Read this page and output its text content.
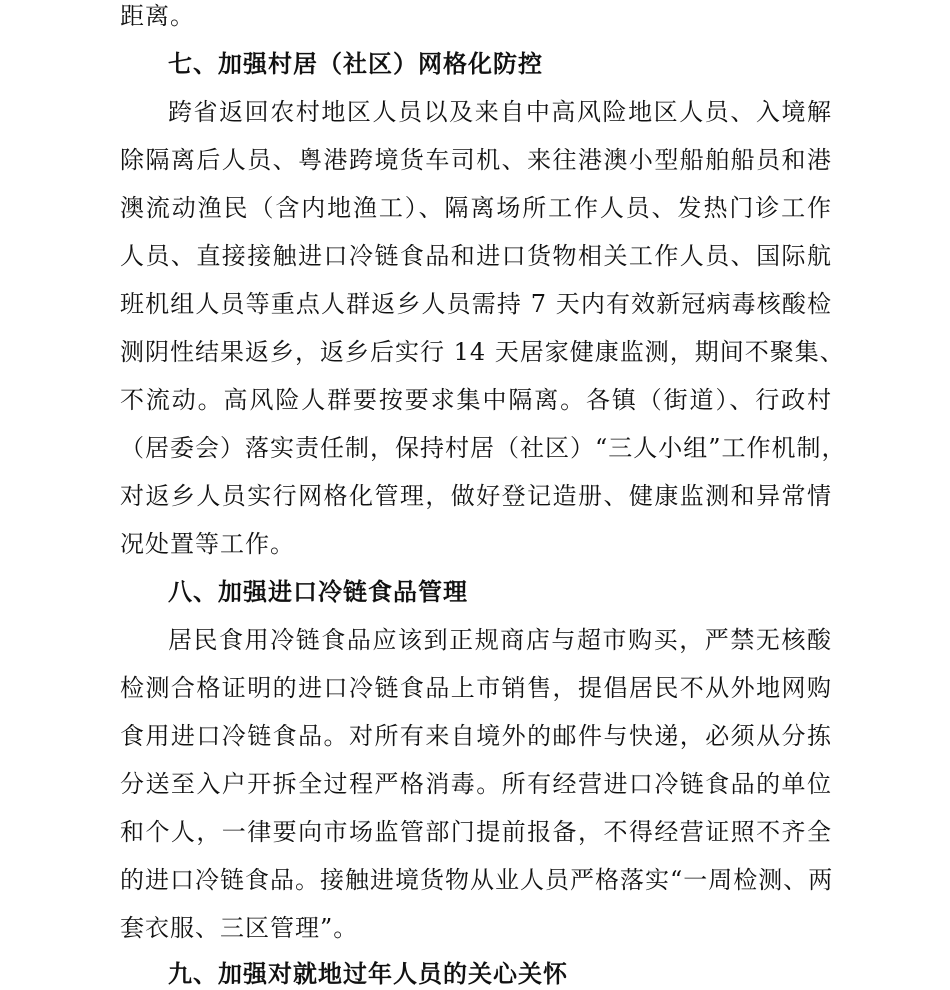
距离。
七、加强村居（社区）网格化防控
跨省返回农村地区人员以及来自中高风险地区人员、入境解
除隔离后人员、粤港跨境货车司机、来往港澳小型船舶船员和港
澳流动渔民（含内地渔工）、隔离场所工作人员、发热门诊工作
人员、直接接触进口冷链食品和进口货物相关工作人员、国际航
班机组人员等重点人群返乡人员需持 7 天内有效新冠病毒核酸检
测阴性结果返乡，返乡后实行 14 天居家健康监测，期间不聚集、
不流动。高风险人群要按要求集中隔离。各镇（街道）、行政村
（居委会）落实责任制，保持村居（社区）“三人小组”工作机制，
对返乡人员实行网格化管理，做好登记造册、健康监测和异常情
况处置等工作。
八、加强进口冷链食品管理
居民食用冷链食品应该到正规商店与超市购买，严禁无核酸
检测合格证明的进口冷链食品上市销售，提倡居民不从外地网购
食用进口冷链食品。对所有来自境外的邮件与快递，必须从分拣
分送至入户开拆全过程严格消毒。所有经营进口冷链食品的单位
和个人，一律要向市场监管部门提前报备，不得经营证照不齐全
的进口冷链食品。接触进境货物从业人员严格落实“一周检测、两
套衣服、三区管理”。
九、加强对就地过年人员的关心关怀
